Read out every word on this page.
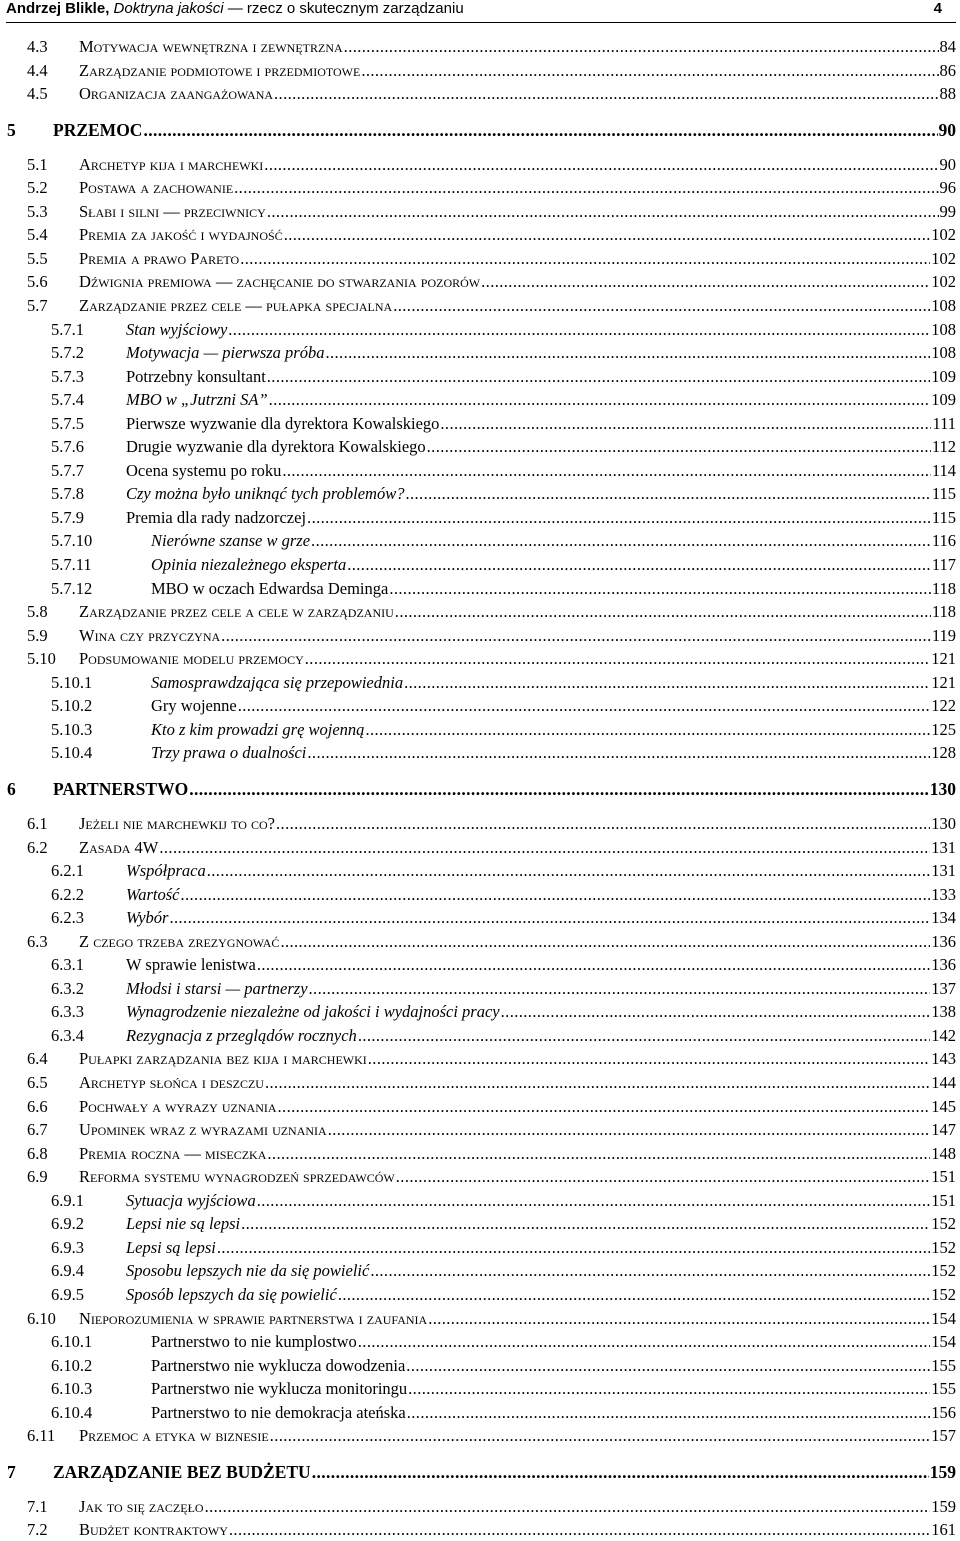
Andrzej Blikle, Doktryna jakości — rzecz o skutecznym zarządzaniu	4
4.3	Motywacja wewnętrzna i zewnętrzna .....	84
4.4	Zarządzanie podmiotowe i przedmiotowe .....	86
4.5	Organizacja zaangażowana .....	88
5	PRZEMOC .....	90
5.1	Archetyp kija i marchewki .....	90
5.2	Postawa a zachowanie .....	96
5.3	Słabi i silni — przeciwnicy .....	99
5.4	Premia za jakość i wydajność .....	102
5.5	Premia a prawo Pareto .....	102
5.6	Dźwignia premiowa — zachęcanie do stwarzania pozorów .....	102
5.7	Zarządzanie przez cele — pułapka specjalna .....	108
5.7.1	Stan wyjściowy .....	108
5.7.2	Motywacja — pierwsza próba .....	108
5.7.3	Potrzebny konsultant .....	109
5.7.4	MBO w „Jutrzni SA” .....	109
5.7.5	Pierwsze wyzwanie dla dyrektora Kowalskiego .....	111
5.7.6	Drugie wyzwanie dla dyrektora Kowalskiego .....	112
5.7.7	Ocena systemu po roku .....	114
5.7.8	Czy można było uniknąć tych problemów? .....	115
5.7.9	Premia dla rady nadzorczej .....	115
5.7.10	Nierówne szanse w grze .....	116
5.7.11	Opinia niezależnego eksperta .....	117
5.7.12	MBO w oczach Edwardsa Deminga .....	118
5.8	Zarządzanie przez cele a cele w zarządzaniu .....	118
5.9	Wina czy przyczyna .....	119
5.10	Podsumowanie modelu przemocy .....	121
5.10.1	Samosprawdzająca się przepowiednia .....	121
5.10.2	Gry wojenne .....	122
5.10.3	Kto z kim prowadzi grę wojenną .....	125
5.10.4	Trzy prawa o dualności .....	128
6	PARTNERSTWO .....	130
6.1	Jeżeli nie marchewkij to co? .....	130
6.2	Zasada 4W .....	131
6.2.1	Współpraca .....	131
6.2.2	Wartość .....	133
6.2.3	Wybór .....	134
6.3	Z czego trzeba zrezygnować .....	136
6.3.1	W sprawie lenistwa .....	136
6.3.2	Młodsi i starsi — partnerzy .....	137
6.3.3	Wynagrodzenie niezależne od jakości i wydajności pracy .....	138
6.3.4	Rezygnacja z przeglądów rocznych .....	142
6.4	Pułapki zarządzania bez kija i marchewki .....	143
6.5	Archetyp słońca i deszczu .....	144
6.6	Pochwały a wyrazy uznania .....	145
6.7	Upominek wraz z wyrazami uznania .....	147
6.8	Premia roczna — miseczka .....	148
6.9	Reforma systemu wynagrodzeń sprzedawców .....	151
6.9.1	Sytuacja wyjściowa .....	151
6.9.2	Lepsi nie są lepsi .....	152
6.9.3	Lepsi są lepsi .....	152
6.9.4	Sposobu lepszych nie da się powielić .....	152
6.9.5	Sposób lepszych da się powielić .....	152
6.10	Nieporozumienia w sprawie partnerstwa i zaufania .....	154
6.10.1	Partnerstwo to nie kumplostwo .....	154
6.10.2	Partnerstwo nie wyklucza dowodzenia .....	155
6.10.3	Partnerstwo nie wyklucza monitoringu .....	155
6.10.4	Partnerstwo to nie demokracja ateńska .....	156
6.11	Przemoc a etyka w biznesie .....	157
7	ZARZĄDZANIE BEZ BUDŻETU .....	159
7.1	Jak to się zaczęło .....	159
7.2	Budżet kontraktowy .....	161
